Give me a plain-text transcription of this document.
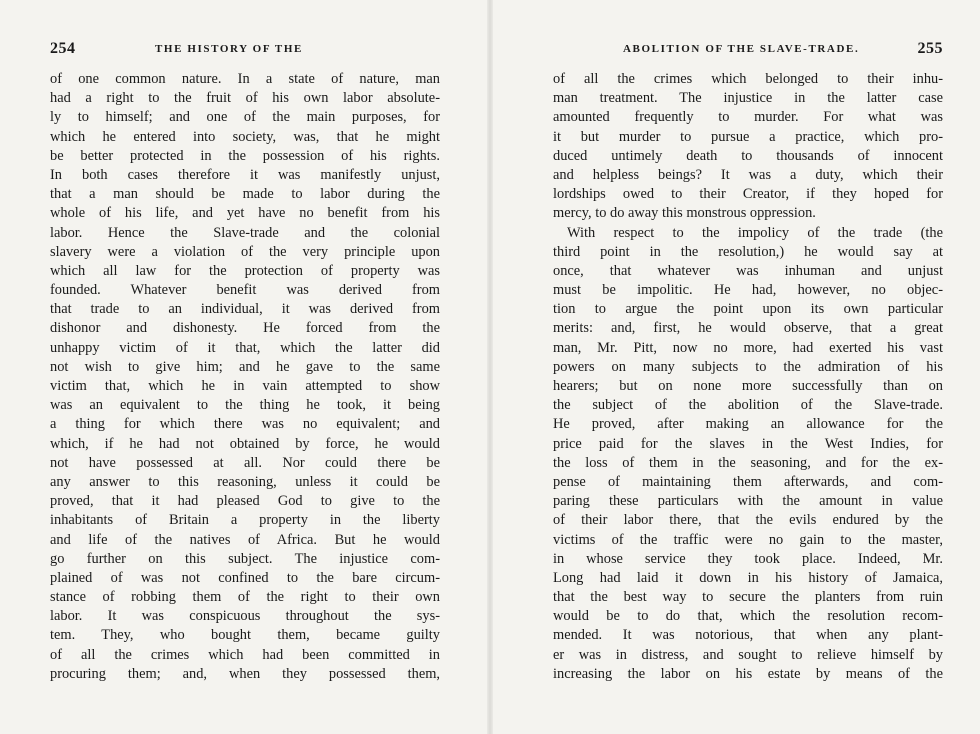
254	THE HISTORY OF THE
of one common nature. In a state of nature, man
had a right to the fruit of his own labor absolute-
ly to himself; and one of the main purposes, for
which he entered into society, was, that he might
be better protected in the possession of his rights.
In both cases therefore it was manifestly unjust,
that a man should be made to labor during the
whole of his life, and yet have no benefit from his
labor. Hence the Slave-trade and the colonial
slavery were a violation of the very principle upon
which all law for the protection of property was
founded. Whatever benefit was derived from
that trade to an individual, it was derived from
dishonor and dishonesty. He forced from the
unhappy victim of it that, which the latter did
not wish to give him; and he gave to the same
victim that, which he in vain attempted to show
was an equivalent to the thing he took, it being
a thing for which there was no equivalent; and
which, if he had not obtained by force, he would
not have possessed at all. Nor could there be
any answer to this reasoning, unless it could be
proved, that it had pleased God to give to the
inhabitants of Britain a property in the liberty
and life of the natives of Africa. But he would
go further on this subject. The injustice com-
plained of was not confined to the bare circum-
stance of robbing them of the right to their own
labor. It was conspicuous throughout the sys-
tem. They, who bought them, became guilty
of all the crimes which had been committed in
procuring them; and, when they possessed them,
ABOLITION OF THE SLAVE-TRADE.	255
of all the crimes which belonged to their inhu-
man treatment. The injustice in the latter case
amounted frequently to murder. For what was
it but murder to pursue a practice, which pro-
duced untimely death to thousands of innocent
and helpless beings? It was a duty, which their
lordships owed to their Creator, if they hoped for
mercy, to do away this monstrous oppression.
With respect to the impolicy of the trade (the
third point in the resolution,) he would say at
once, that whatever was inhuman and unjust
must be impolitic. He had, however, no objec-
tion to argue the point upon its own particular
merits: and, first, he would observe, that a great
man, Mr. Pitt, now no more, had exerted his vast
powers on many subjects to the admiration of his
hearers; but on none more successfully than on
the subject of the abolition of the Slave-trade.
He proved, after making an allowance for the
price paid for the slaves in the West Indies, for
the loss of them in the seasoning, and for the ex-
pense of maintaining them afterwards, and com-
paring these particulars with the amount in value
of their labor there, that the evils endured by the
victims of the traffic were no gain to the master,
in whose service they took place. Indeed, Mr.
Long had laid it down in his history of Jamaica,
that the best way to secure the planters from ruin
would be to do that, which the resolution recom-
mended. It was notorious, that when any plant-
er was in distress, and sought to relieve himself by
increasing the labor on his estate by means of the
